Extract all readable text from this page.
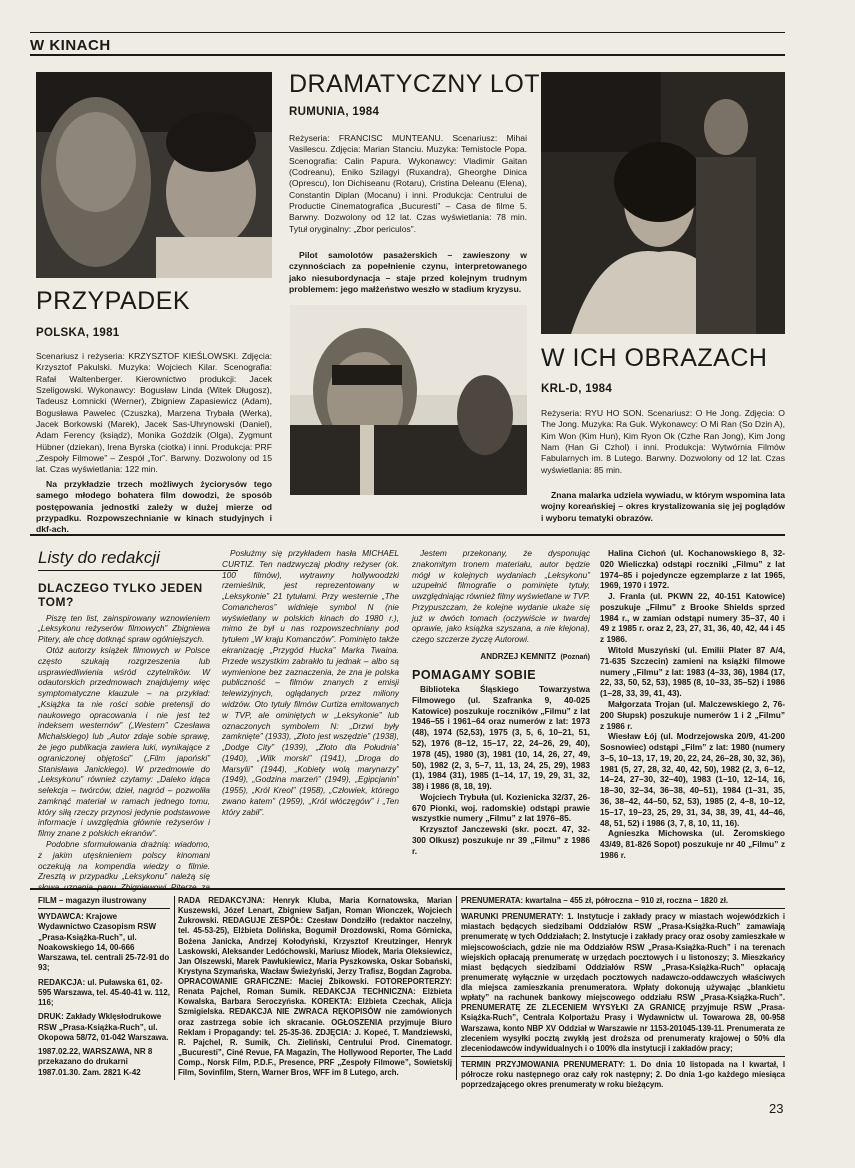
W KINACH
DRAMATYCZNY LOT
RUMUNIA, 1984
Reżyseria: FRANCISC MUNTEANU. Scenariusz: Mihai Vasilescu. Zdjęcia: Marian Stanciu. Muzyka: Temistocle Popa. Scenografia: Calin Papura. Wykonawcy: Vladimir Gaitan (Codreanu), Eniko Szilagyi (Ruxandra), Gheorghe Dinica (Oprescu), Ion Dichiseanu (Rotaru), Cristina Deleanu (Elena), Constantin Diplan (Mocanu) i inni. Produkcja: Centrului de Productie Cinematografica „Bucuresti” – Casa de filme 5. Barwny. Dozwolony od 12 lat. Czas wyświetlania: 78 min. Tytuł oryginalny: „Zbor periculos”.
Pilot samolotów pasażerskich – zawieszony w czynnościach za popełnienie czynu, interpretowanego jako niesubordynacja – staje przed kolejnym trudnym problemem: jego małżeństwo weszło w stadium kryzysu.
PRZYPADEK
POLSKA, 1981
Scenariusz i reżyseria: KRZYSZTOF KIEŚLOWSKI. Zdjęcia: Krzysztof Pakulski. Muzyka: Wojciech Kilar. Scenografia: Rafał Waltenberger. Kierownictwo produkcji: Jacek Szeligowski. Wykonawcy: Bogusław Linda (Witek Długosz), Tadeusz Łomnicki (Werner), Zbigniew Zapasiewicz (Adam), Bogusława Pawelec (Czuszka), Marzena Trybała (Werka), Jacek Borkowski (Marek), Jacek Sas-Uhrynowski (Daniel), Adam Ferency (ksiądz), Monika Goździk (Olga), Zygmunt Hübner (dziekan), Irena Byrska (ciotka) i inni. Produkcja: PRF „Zespoły Filmowe” – Zespół „Tor”. Barwny. Dozwolony od 15 lat. Czas wyświetlania: 122 min.
Na przykładzie trzech możliwych życiorysów tego samego młodego bohatera film dowodzi, że sposób postępowania jednostki zależy w dużej mierze od przypadku. Rozpowszechnianie w kinach studyjnych i dkf-ach.
W ICH OBRAZACH
KRL-D, 1984
Reżyseria: RYU HO SON. Scenariusz: O He Jong. Zdjęcia: O The Jong. Muzyka: Ra Guk. Wykonawcy: O Mi Ran (So Dzin A), Kim Won (Kim Hun), Kim Ryon Ok (Czhe Ran Jong), Kim Jong Nam (Han Gi Czhol) i inni. Produkcja: Wytwórnia Filmów Fabularnych im. 8 Lutego. Barwny. Dozwolony od 12 lat. Czas wyświetlania: 85 min.
Znana malarka udziela wywiadu, w którym wspomina lata wojny koreańskiej – okres krystalizowania się jej poglądów i wyboru tematyki obrazów.
Listy do redakcji
DLACZEGO TYLKO JEDEN TOM?
Piszę ten list, zainspirowany wznowieniem „Leksykonu reżyserów filmowych” Zbigniewa Pitery, ale chcę dotknąć spraw ogólniejszych.
Otóż autorzy książek filmowych w Polsce często szukają rozgrzeszenia lub usprawiedliwienia wśród czytelników. W odautorskich przedmowach znajdujemy więc symptomatyczne klauzule – na przykład: „Książka ta nie rości sobie pretensji do naukowego opracowania i nie jest też indeksem westernów” („Western” Czesława Michalskiego) lub „Autor zdaje sobie sprawę, że jego publikacja zawiera luki, wynikające z ograniczonej objętości” („Film japoński” Stanisława Janickiego). W przedmowie do „Leksykonu” również czytamy: „Daleko idąca selekcja – twórców, dzieł, nagród – pozwoliła zamknąć materiał w ramach jednego tomu, który siłą rzeczy przynosi jedynie podstawowe informacje i uwzględnia głównie reżyserów i filmy znane z polskich ekranów”.
Podobne sformułowania drażnią: wiadomo, z jakim utęsknieniem polscy kinomani oczekują na kompendia wiedzy o filmie. Zresztą w przypadku „Leksykonu” należą się
Posłużmy się przykładem hasła MICHAEL CURTIZ. Ten nadzwyczaj płodny reżyser (ok. 100 filmów), wytrawny hollywoodzki rzemieślnik, jest reprezentowany w „Leksykonie” 21 tytułami. Przy westernie „The Comancheros” widnieje symbol N (nie wyświetlany w polskich kinach do 1980 r.), mimo że był u nas rozpowszechniany pod tytułem „W kraju Komanczów”. Pominięto także ekranizację „Przygód Hucka” Marka Twaina. Przede wszystkim zabrakło tu jednak – albo są wymienione bez zaznaczenia, że zna je polska publiczność – filmów znanych z emisji telewizyjnych, oglądanych przez miliony widzów. Oto tytuły filmów Curtiza emitowanych w TVP, ale ominiętych w „Leksykonie” lub oznaczonych symbolem N: „Drzwi były zamknięte” (1933), „Złoto jest wszędzie” (1938), „Dodge City” (1939), „Złoto dla Południa” (1940), „Wilk morski” (1941), „Droga do Marsylii” (1944), „Kobiety wolą marynarzy” (1949), „Godzina marzeń” (1949), „Egipcjanin” (1955), „Król Kreol” (1958), „Człowiek, którego zwano katem” (1959), „Król włóczęgów” i „Ten który zabił”.
Jestem przekonany, że dysponując znakomitym tronem materiału, autor będzie mógł w kolejnych wydaniach „Leksykonu” uzupełnić filmografie o pominięte tytuły, uwzględniając również filmy wyświetlane w TVP. Przypuszczam, że kolejne wydanie ukaże się już w dwóch tomach (oczywiście w twardej oprawie, jako książka szyszana, a nie klejona), czego szczerze życzę Autorowi.
ANDRZEJ KEMNITZ (Poznań)
POMAGAMY SOBIE
Biblioteka Śląskiego Towarzystwa Filmowego (ul. Szafranka 9, 40-025 Katowice) poszukuje roczników „Filmu” z lat 1946–55 i 1961–64 oraz numerów z lat: 1973 (48), 1974 (52,53), 1975 (3, 5, 6, 10–21, 51, 52), 1976 (8–12, 15–17, 22, 24–26, 29, 40), 1978 (45), 1980 (3), 1981 (10, 14, 26, 27, 49, 50), 1982 (2, 3, 5–7, 11, 13, 24, 25, 29), 1983 (1), 1984 (31), 1985 (1–14, 17, 19, 29, 31, 32, 38) i 1986 (8, 18, 19).
Wojciech Trybuła (ul. Kozienicka 32/37, 26-670 Pionki, woj. radomskie) odstąpi prawie wszystkie numery „Filmu” z lat 1976–85.
Krzysztof Janczewski (skr. poczt. 47, 32-300 Olkusz) poszukuje nr 39 „Filmu” z 1986 r.
Halina Cichoń (ul. Kochanowskiego 8, 32-020 Wieliczka) odstąpi roczniki „Filmu” z lat 1974–85 i pojedyncze egzemplarze z lat 1965, 1969, 1970 i 1972.
J. Franla (ul. PKWN 22, 40-151 Katowice) poszukuje „Filmu” z Brooke Shields sprzed 1984 r., w zamian odstąpi numery 35–37, 40 i 49 z 1985 r. oraz 2, 23, 27, 31, 36, 40, 42, 44 i 45 z 1986.
Witold Muszyński (ul. Emilii Plater 87 A/4, 71-635 Szczecin) zamieni na książki filmowe numery „Filmu” z lat: 1983 (4–33, 36), 1984 (17, 22, 33, 50, 52, 53), 1985 (8, 10–33, 35–52) i 1986 (1–28, 33, 39, 41, 43).
Małgorzata Trojan (ul. Malczewskiego 2, 76-200 Słupsk) poszukuje numerów 1 i 2 „Filmu” z 1986 r.
Wiesław Łój (ul. Modrzejowska 20/9, 41-200 Sosnowiec) odstąpi „Film” z lat: 1980 (numery 3–5, 10–13, 17, 19, 20, 22, 24, 26–28, 30, 32, 36), 1981 (5, 27, 28, 32, 40, 42, 50), 1982 (2, 3, 6–12, 14–24, 27–30, 32–40), 1983 (1–10, 12–14, 16, 18–30, 32–34, 36–38, 40–51), 1984 (1–31, 35, 36, 38–42, 44–50, 52, 53), 1985 (2, 4–8, 10–12, 15–17, 19–23, 25, 29, 31, 34, 38, 39, 41, 44–46, 48, 51, 52) i 1986 (3, 7, 8, 10, 11, 16).
Agnieszka Michowska (ul. Żeromskiego 43/49, 81-826 Sopot) poszukuje nr 40 „Filmu” z 1986 r.
FILM – magazyn ilustrowany
WYDAWCA: Krajowe Wydawnictwo Czasopism RSW „Prasa-Książka-Ruch”, ul. Noakowskiego 14, 00-666 Warszawa, tel. centrali 25-72-91 do 93;
REDAKCJA: ul. Puławska 61, 02-595 Warszawa, tel. 45-40-41 w. 112, 116;
DRUK: Zakłady Wklęsłodrukowe RSW „Prasa-Książka-Ruch”, ul. Okopowa 58/72, 01-042 Warszawa.
1987.02.22, WARSZAWA, NR 8 przekazano do drukarni 1987.01.30. Zam. 2821 K-42
RADA REDAKCYJNA: Henryk Kluba, Maria Kornatowska, Marian Kuszewski, Józef Lenart, Zbigniew Safjan, Roman Wionczek, Wojciech Żukrowski. REDAGUJE ZESPÓŁ: Czesław Dondziłło (redaktor naczelny, tel. 45-53-25), Elżbieta Dolińska, Bogumił Drozdowski, Roma Górnicka, Bożena Janicka, Andrzej Kołodyński, Krzysztof Kreutzinger, Henryk Laskowski, Aleksander Ledóchowski, Mariusz Miodek, Maria Oleksiewicz, Jan Olszewski, Marek Pawłukiewicz, Maria Pyszkowska, Oskar Sobański, Krystyna Szymańska, Wacław Świeżyński, Jerzy Trafisz, Bogdan Zagroba. OPRACOWANIE GRAFICZNE: Maciej Żbikowski. FOTOREPORTERZY: Renata Pajchel, Roman Sumik. REDAKCJA TECHNICZNA: Elżbieta Kowalska, Barbara Seroczyńska. KOREKTA: Elżbieta Czechak, Alicja Szmigielska. REDAKCJA NIE ZWRACA RĘKOPISÓW nie zamówionych oraz zastrzega sobie ich skracanie. OGŁOSZENIA przyjmuje Biuro Reklam i Propagandy: tel. 25-35-36. ZDJĘCIA: J. Kopeć, T. Mandziewski, R. Pajchel, R. Sumik, Ch. Zieliński, Centrului Prod. Cinematogr. „Bucuresti”, Ciné Revue, FA Magazin, The Hollywood Reporter, The Ladd Comp., Norsk Film, P.D.F., Presence, PRF „Zespoły Filmowe”, Sowietskij Film, Sovinfilm, Stern, Warner Bros, WFF im 8 Lutego, arch.
PRENUMERATA: kwartalna – 455 zł, półroczna – 910 zł, roczna – 1820 zł.
WARUNKI PRENUMERATY: 1. Instytucje i zakłady pracy w miastach wojewódzkich i miastach będących siedzibami Oddziałów RSW „Prasa-Książka-Ruch” zamawiają prenumeratę w tych Oddziałach; 2. Instytucje i zakłady pracy oraz osoby zamieszkałe w miejscowościach, gdzie nie ma Oddziałów RSW „Prasa-Książka-Ruch” i na terenach wiejskich opłacają prenumeratę w urzędach pocztowych i u listonoszy; 3. Mieszkańcy miast będących siedzibami Oddziałów RSW „Prasa-Książka-Ruch” opłacają prenumeratę wyłącznie w urzędach pocztowych nadawczo-oddawczych właściwych dla miejsca zamieszkania prenumeratora. Wpłaty dokonują używając „blankietu wpłaty” na rachunek bankowy miejscowego oddziału RSW „Prasa-Książka-Ruch”. PRENUMERATĘ ZE ZLECENIEM WYSYŁKI ZA GRANICĘ przyjmuje RSW „Prasa-Książka-Ruch”, Centrala Kolportażu Prasy i Wydawnictw ul. Towarowa 28, 00-958 Warszawa, konto NBP XV Oddział w Warszawie nr 1153-201045-139-11. Prenumerata ze zleceniem wysyłki pocztą zwykłą jest droższa od prenumeraty krajowej o 50% dla zleceniodawców indywidualnych i o 100% dla instytucji i zakładów pracy;
TERMIN PRZYJMOWANIA PRENUMERATY: 1. Do dnia 10 listopada na I kwartał, I półrocze roku następnego oraz cały rok następny; 2. Do dnia 1-go każdego miesiąca poprzedzającego okres prenumeraty w roku bieżącym.
23
